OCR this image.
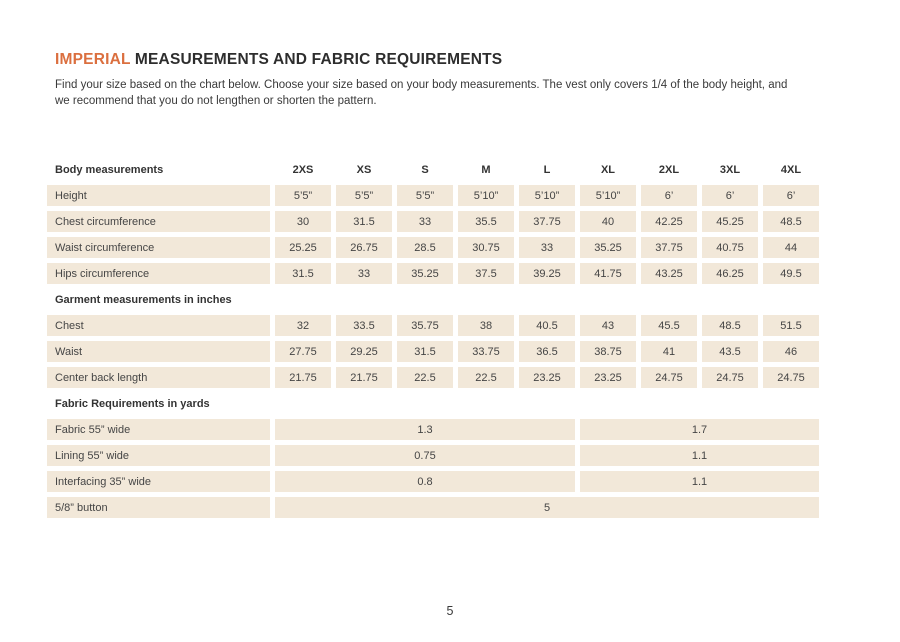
IMPERIAL MEASUREMENTS AND FABRIC REQUIREMENTS
Find your size based on the chart below. Choose your size based on your body measurements. The vest only covers 1/4 of the body height, and we recommend that you do not lengthen or shorten the pattern.
Body measurements	2XS	XS	S	M	L	XL	2XL	3XL	4XL
Height	5’5”	5’5”	5’5”	5’10”	5’10”	5’10”	6’	6’	6’
Chest circumference	30	31.5	33	35.5	37.75	40	42.25	45.25	48.5
Waist circumference	25.25	26.75	28.5	30.75	33	35.25	37.75	40.75	44
Hips circumference	31.5	33	35.25	37.5	39.25	41.75	43.25	46.25	49.5
Garment measurements in inches
Chest	32	33.5	35.75	38	40.5	43	45.5	48.5	51.5
Waist	27.75	29.25	31.5	33.75	36.5	38.75	41	43.5	46
Center back length	21.75	21.75	22.5	22.5	23.25	23.25	24.75	24.75	24.75
Fabric Requirements in yards
Fabric 55” wide	1.3	1.7
Lining 55” wide	0.75	1.1
Interfacing 35” wide	0.8	1.1
5/8” button	5
5
